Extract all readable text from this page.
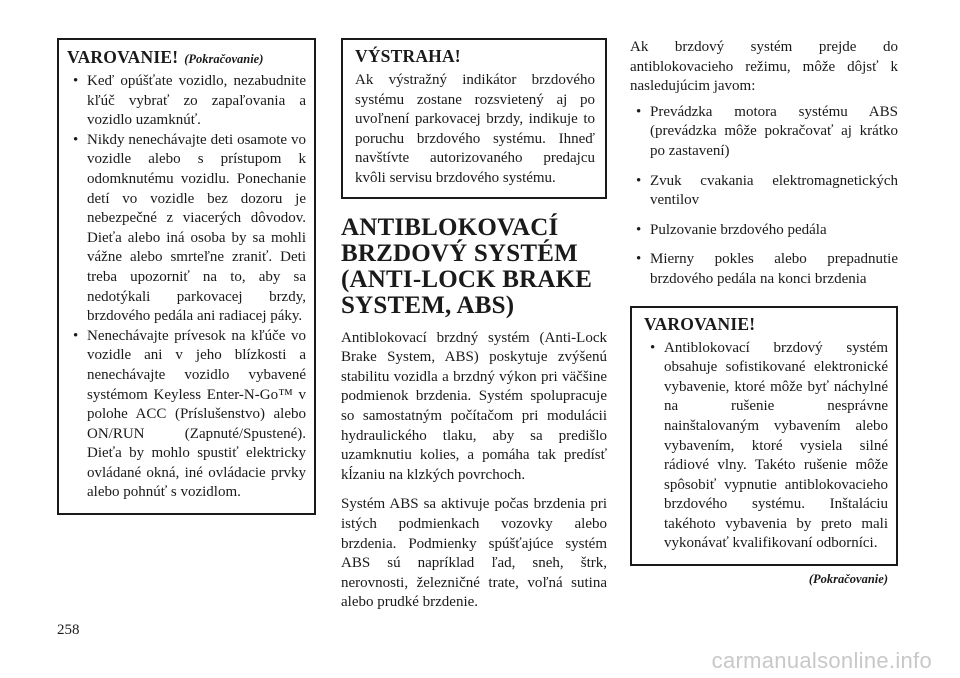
VAROVANIE! (Pokračovanie)
• Keď opúšťate vozidlo, nezabudnite kľúč vybrať zo zapaľovania a vozidlo uzamknúť.
• Nikdy nenechávajte deti osamote vo vozidle alebo s prístupom k odomknutému vozidlu. Ponechanie detí vo vozidle bez dozoru je nebezpečné z viacerých dôvodov. Dieťa alebo iná osoba by sa mohli vážne alebo smrteľne zraniť. Deti treba upozorniť na to, aby sa nedotýkali parkovacej brzdy, brzdového pedála ani radiacej páky.
• Nenechávajte prívesok na kľúče vo vozidle ani v jeho blízkosti a nenechávajte vozidlo vybavené systémom Keyless Enter-N-Go™ v polohe ACC (Príslušenstvo) alebo ON/RUN (Zapnuté/Spustené). Dieťa by mohlo spustiť elektricky ovládané okná, iné ovládacie prvky alebo pohnúť s vozidlom.
VÝSTRAHA!

Ak výstražný indikátor brzdového systému zostane rozsvietený aj po uvoľnení parkovacej brzdy, indikuje to poruchu brzdového systému. Ihneď navštívte autorizovaného predajcu kvôli servisu brzdového systému.

ANTIBLOKOVACÍ BRZDOVÝ SYSTÉM (ANTI-LOCK BRAKE SYSTEM, ABS)

Antiblokovací brzdný systém (Anti-Lock Brake System, ABS) poskytuje zvýšenú stabilitu vozidla a brzdný výkon pri väčšine podmienok brzdenia. Systém spolupracuje so samostatným počítačom pri modulácii hydraulického tlaku, aby sa predišlo uzamknutiu kolies, a pomáha tak predísť kĺzaniu na klzkých povrchoch.

Systém ABS sa aktivuje počas brzdenia pri istých podmienkach vozovky alebo brzdenia. Podmienky spúšťajúce systém ABS sú napríklad ľad, sneh, štrk, nerovnosti, železničné trate, voľná sutina alebo prudké brzdenie.

Ak brzdový systém prejde do antiblokovacieho režimu, môže dôjsť k nasledujúcim javom:

• Prevádzka motora systému ABS (prevádzka môže pokračovať aj krátko po zastavení)
• Zvuk cvakania elektromagnetických ventilov
• Pulzovanie brzdového pedála
• Mierny pokles alebo prepadnutie brzdového pedála na konci brzdenia
VAROVANIE!
• Antiblokovací brzdový systém obsahuje sofistikované elektronické vybavenie, ktoré môže byť náchylné na rušenie nesprávne nainštalovaným vybavením alebo vybavením, ktoré vysiela silné rádiové vlny. Takéto rušenie môže spôsobiť vypnutie antiblokovacieho brzdového systému. Inštaláciu takéhoto vybavenia by preto mali vykonávať kvalifikovaní odborníci.
(Pokračovanie)
258
carmanualsonline.info
